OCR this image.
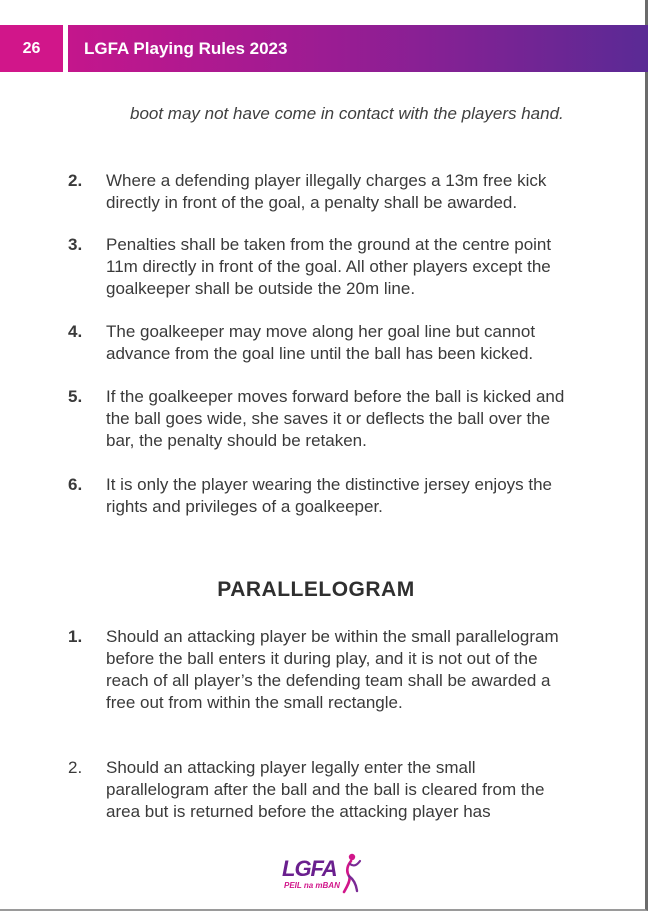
26	LGFA Playing Rules 2023
boot may not have come in contact with the players hand.
2. Where a defending player illegally charges a 13m free kick directly in front of the goal, a penalty shall be awarded.
3. Penalties shall be taken from the ground at the centre point 11m directly in front of the goal. All other players except the goalkeeper shall be outside the 20m line.
4. The goalkeeper may move along her goal line but cannot advance from the goal line until the ball has been kicked.
5. If the goalkeeper moves forward before the ball is kicked and the ball goes wide, she saves it or deflects the ball over the bar, the penalty should be retaken.
6. It is only the player wearing the distinctive jersey enjoys the rights and privileges of a goalkeeper.
PARALLELOGRAM
1. Should an attacking player be within the small parallelogram before the ball enters it during play, and it is not out of the reach of all player’s the defending team shall be awarded a free out from within the small rectangle.
2. Should an attacking player legally enter the small parallelogram after the ball and the ball is cleared from the area but is returned before the attacking player has
LGFA
PEIL na mBAN
